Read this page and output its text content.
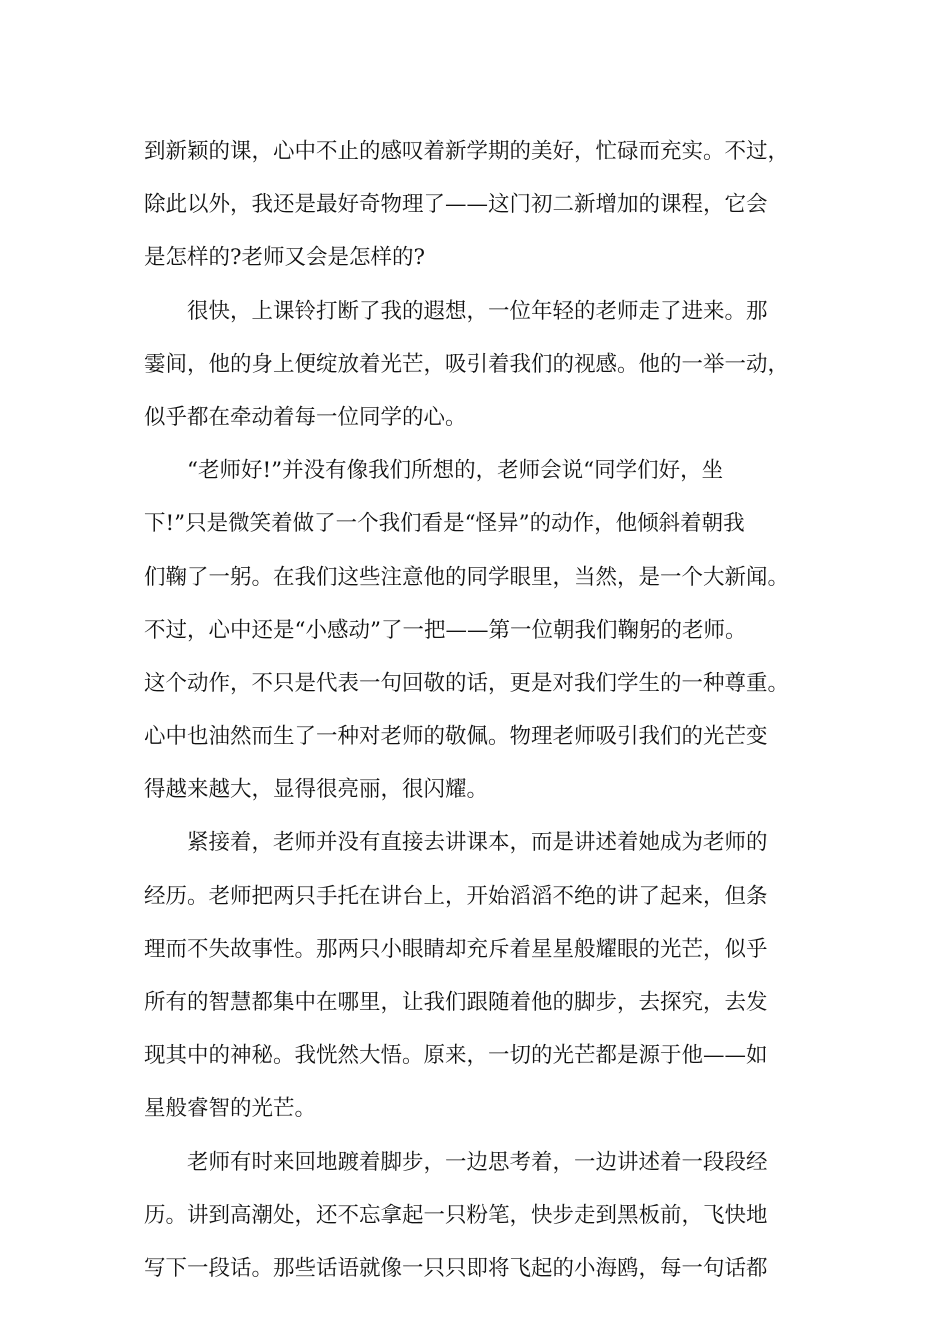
到新颖的课，心中不止的感叹着新学期的美好，忙碌而充实。不过，
除此以外，我还是最好奇物理了——这门初二新增加的课程，它会
是怎样的?老师又会是怎样的?
很快，上课铃打断了我的遐想，一位年轻的老师走了进来。那
霎间，他的身上便绽放着光芒，吸引着我们的视感。他的一举一动，
似乎都在牵动着每一位同学的心。
“老师好!”并没有像我们所想的，老师会说“同学们好，坐
下!”只是微笑着做了一个我们看是“怪异”的动作，他倾斜着朝我
们鞠了一躬。在我们这些注意他的同学眼里，当然，是一个大新闻。
不过，心中还是“小感动”了一把——第一位朝我们鞠躬的老师。
这个动作，不只是代表一句回敬的话，更是对我们学生的一种尊重。
心中也油然而生了一种对老师的敬佩。物理老师吸引我们的光芒变
得越来越大，显得很亮丽，很闪耀。
紧接着，老师并没有直接去讲课本，而是讲述着她成为老师的
经历。老师把两只手托在讲台上，开始滔滔不绝的讲了起来，但条
理而不失故事性。那两只小眼睛却充斥着星星般耀眼的光芒，似乎
所有的智慧都集中在哪里，让我们跟随着他的脚步，去探究，去发
现其中的神秘。我恍然大悟。原来，一切的光芒都是源于他——如
星般睿智的光芒。
老师有时来回地踱着脚步，一边思考着，一边讲述着一段段经
历。讲到高潮处，还不忘拿起一只粉笔，快步走到黑板前，飞快地
写下一段话。那些话语就像一只只即将飞起的小海鸥，每一句话都
